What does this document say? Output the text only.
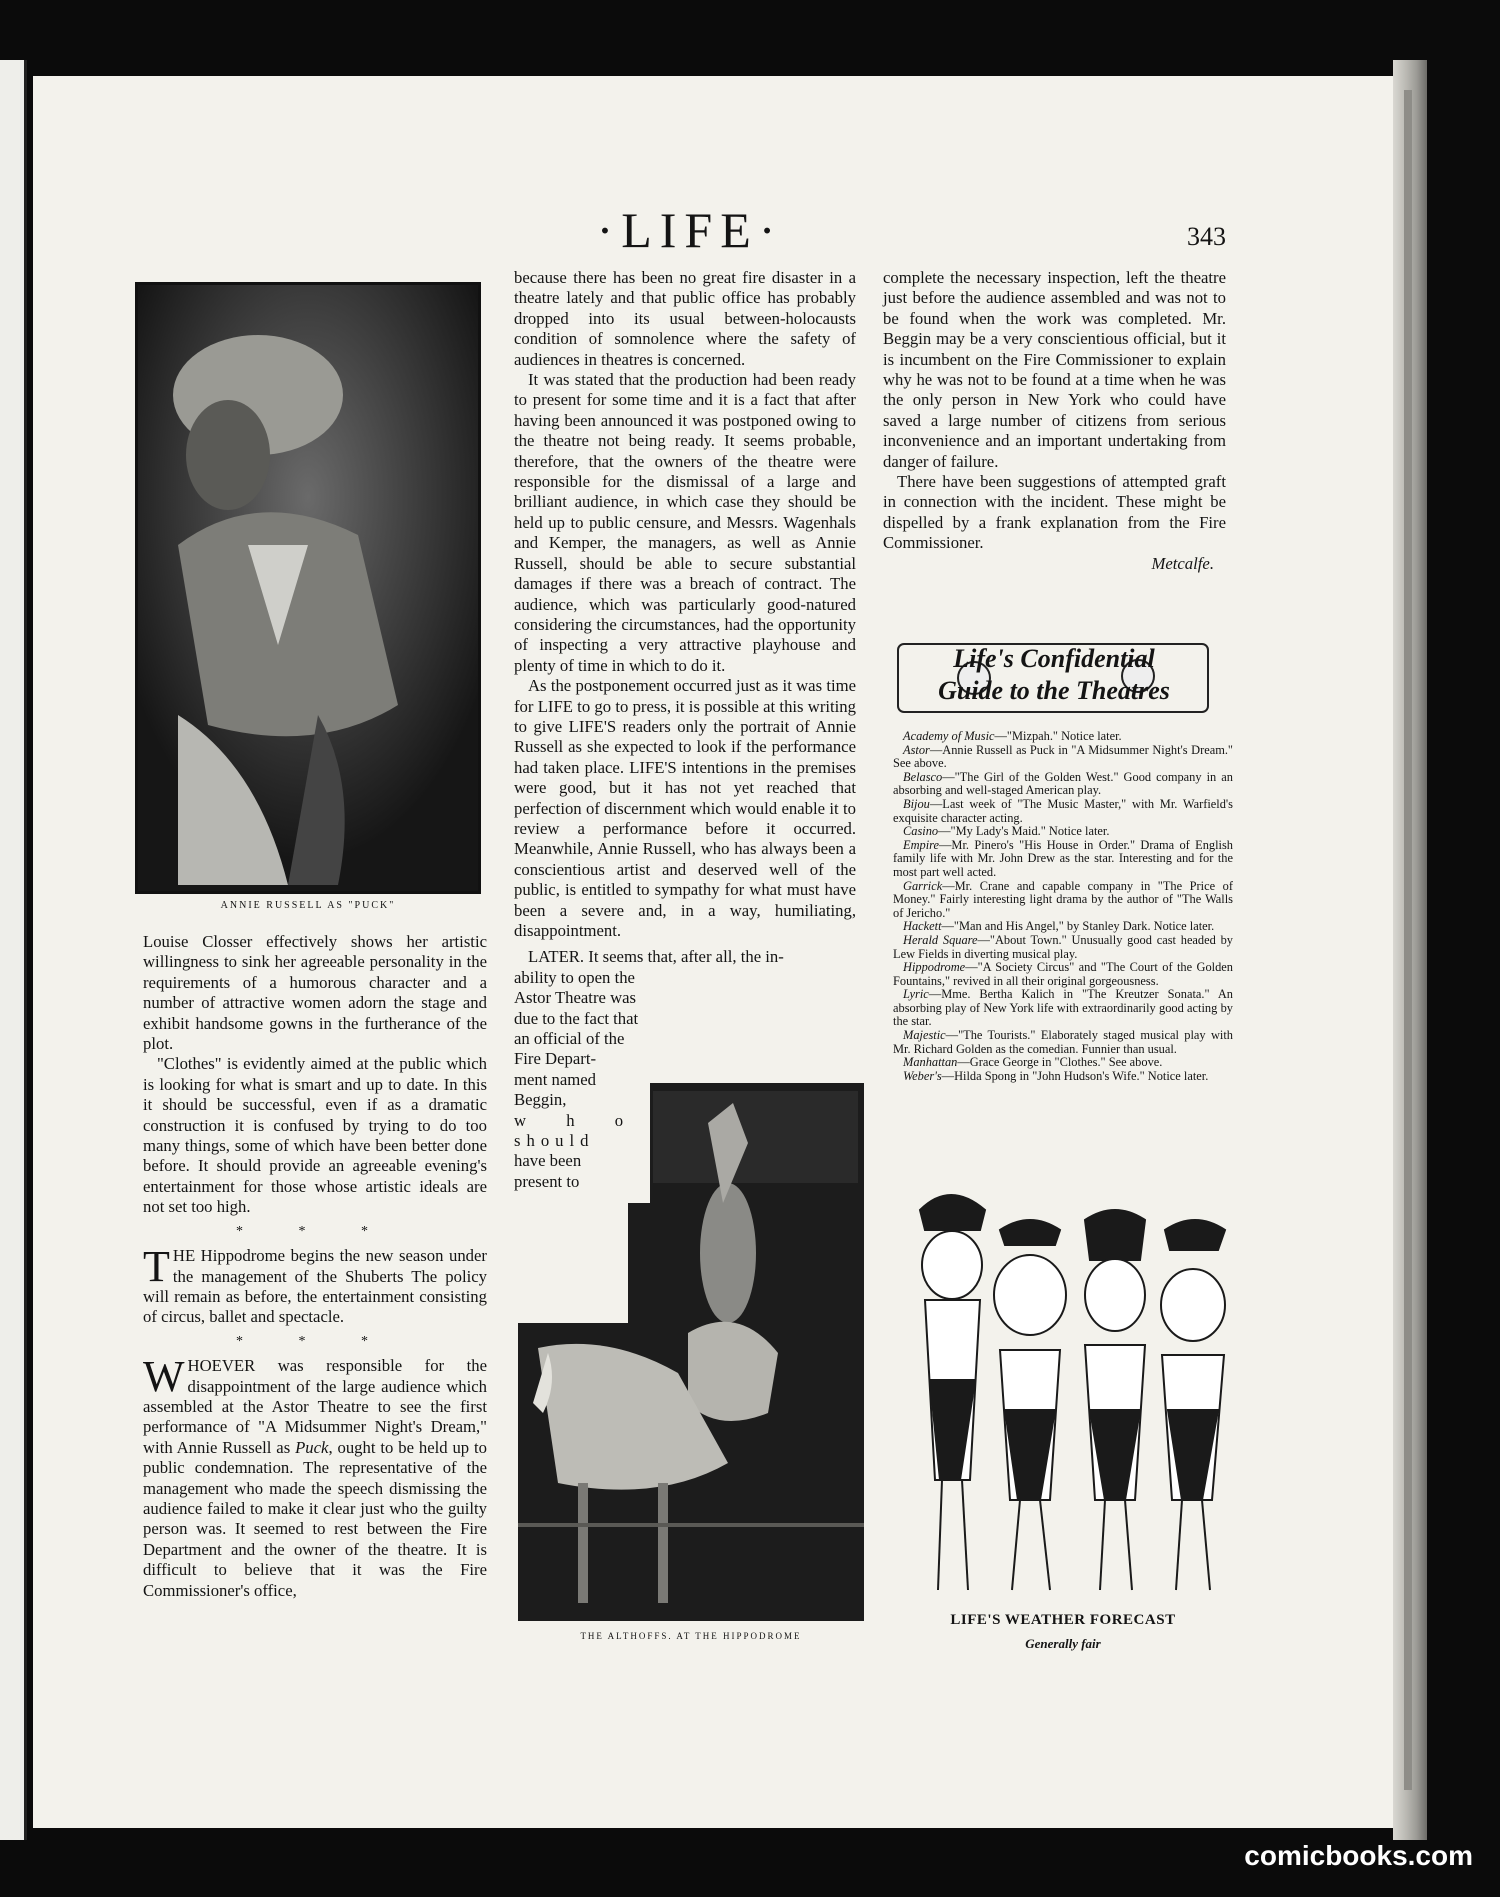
·LIFE·	343
ANNIE RUSSELL AS "PUCK"

Louise Closser effectively shows her artistic willingness to sink her agreeable personality in the requirements of a humorous character and a number of attractive women adorn the stage and exhibit handsome gowns in the furtherance of the plot.

"Clothes" is evidently aimed at the public which is looking for what is smart and up to date. In this it should be successful, even if as a dramatic construction it is confused by trying to do too many things, some of which have been better done before. It should provide an agreeable evening's entertainment for those whose artistic ideals are not set too high.

* * *

THE Hippodrome begins the new season under the management of the Shuberts The policy will remain as before, the entertainment consisting of circus, ballet and spectacle.

* * *

WHOEVER was responsible for the disappointment of the large audience which assembled at the Astor Theatre to see the first performance of "A Midsummer Night's Dream," with Annie Russell as Puck, ought to be held up to public condemnation. The representative of the management who made the speech dismissing the audience failed to make it clear just who the guilty person was. It seemed to rest between the Fire Department and the owner of the theatre. It is difficult to believe that it was the Fire Commissioner's office,

because there has been no great fire disaster in a theatre lately and that public office has probably dropped into its usual between-holocausts condition of somnolence where the safety of audiences in theatres is concerned.

It was stated that the production had been ready to present for some time and it is a fact that after having been announced it was postponed owing to the theatre not being ready. It seems probable, therefore, that the owners of the theatre were responsible for the dismissal of a large and brilliant audience, in which case they should be held up to public censure, and Messrs. Wagenhals and Kemper, the managers, as well as Annie Russell, should be able to secure substantial damages if there was a breach of contract. The audience, which was particularly good-natured considering the circumstances, had the opportunity of inspecting a very attractive playhouse and plenty of time in which to do it.

As the postponement occurred just as it was time for LIFE to go to press, it is possible at this writing to give LIFE'S readers only the portrait of Annie Russell as she expected to look if the performance had taken place. LIFE'S intentions in the premises were good, but it has not yet reached that perfection of discernment which would enable it to review a performance before it occurred. Meanwhile, Annie Russell, who has always been a conscientious artist and deserved well of the public, is entitled to sympathy for what must have been a severe and, in a way, humiliating, disappointment.

LATER. It seems that, after all, the in-
ability to open the
Astor Theatre was
due to the fact that
an official of the
Fire Depart-
ment named
Beggin,
w h o
should
have been
present to
THE ALTHOFFS. AT THE HIPPODROME

complete the necessary inspection, left the theatre just before the audience assembled and was not to be found when the work was completed. Mr. Beggin may be a very conscientious official, but it is incumbent on the Fire Commissioner to explain why he was not to be found at a time when he was the only person in New York who could have saved a large number of citizens from serious inconvenience and an important undertaking from danger of failure.

There have been suggestions of attempted graft in connection with the incident. These might be dispelled by a frank explanation from the Fire Commissioner.

Metcalfe.
Life's Confidential
Guide to the Theatres
Academy of Music—"Mizpah." Notice later.
Astor—Annie Russell as Puck in "A Midsummer Night's Dream." See above.
Belasco—"The Girl of the Golden West." Good company in an absorbing and well-staged American play.
Bijou—Last week of "The Music Master," with Mr. Warfield's exquisite character acting.
Casino—"My Lady's Maid." Notice later.
Empire—Mr. Pinero's "His House in Order." Drama of English family life with Mr. John Drew as the star. Interesting and for the most part well acted.
Garrick—Mr. Crane and capable company in "The Price of Money." Fairly interesting light drama by the author of "The Walls of Jericho."
Hackett—"Man and His Angel," by Stanley Dark. Notice later.
Herald Square—"About Town." Unusually good cast headed by Lew Fields in diverting musical play.
Hippodrome—"A Society Circus" and "The Court of the Golden Fountains," revived in all their original gorgeousness.
Lyric—Mme. Bertha Kalich in "The Kreutzer Sonata." An absorbing play of New York life with extraordinarily good acting by the star.
Majestic—"The Tourists." Elaborately staged musical play with Mr. Richard Golden as the comedian. Funnier than usual.
Manhattan—Grace George in "Clothes." See above.
Weber's—Hilda Spong in "John Hudson's Wife." Notice later.
LIFE'S WEATHER FORECAST
Generally fair
comicbooks.com
